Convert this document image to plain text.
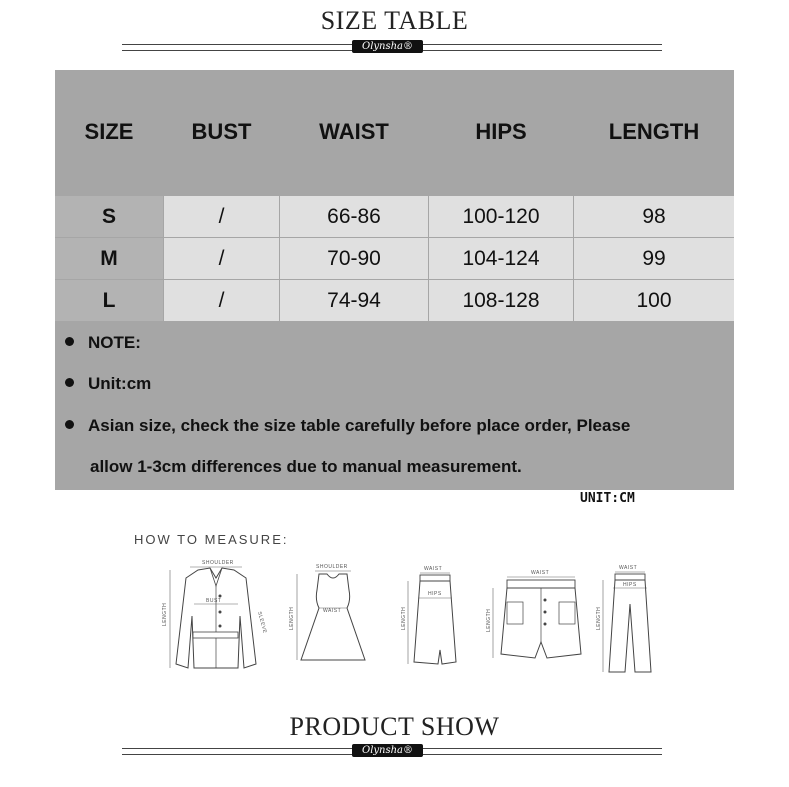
SIZE TABLE
Olynsha®
SIZE	BUST	WAIST	HIPS	LENGTH
S	/	66-86	100-120	98
M	/	70-90	104-124	99
L	/	74-94	108-128	100
NOTE:
Unit:cm
Asian size, check the size table carefully before place order, Please
allow 1-3cm differences due to manual measurement.
UNIT:CM
HOW TO MEASURE:
SHOULDER
BUST
LENGTH	SLEEVE
SHOULDER
WAIST
LENGTH
WAIST
HIPS
LENGTH
WAIST
LENGTH
WAIST
HIPS
LENGTH
PRODUCT SHOW
Olynsha®
